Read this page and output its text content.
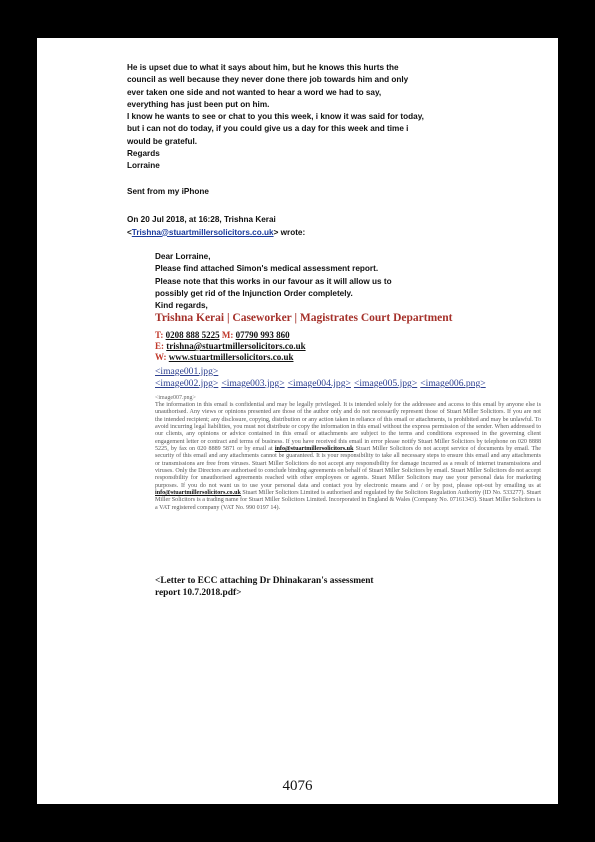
He is upset due to what it says about him, but he knows this hurts the
council as well because they never done there job towards him and only
ever taken one side and not wanted to hear a word we had to say,
everything has just been put on him.
I know he wants to see or chat to you this week, i know it was said for today,
but i can not do today, if you could give us a day for this week and time i
would be grateful.
Regards
Lorraine
Sent from my iPhone
On 20 Jul 2018, at 16:28, Trishna Kerai
<Trishna@stuartmillersolicitors.co.uk> wrote:
Dear Lorraine,
Please find attached Simon's medical assessment report.
Please note that this works in our favour as it will allow us to
possibly get rid of the Injunction Order completely.
Kind regards,
Trishna Kerai | Caseworker | Magistrates Court Department
T: 0208 888 5225 M: 07790 993 860
E: trishna@stuartmillersolicitors.co.uk
W: www.stuartmillersolicitors.co.uk
<image001.jpg>
<image002.jpg> <image003.jpg> <image004.jpg> <image005.jpg> <image006.png>
<image007.png>
The information in this email is confidential and may be legally privileged. It is intended solely for the addressee and access to this email by anyone else is unauthorised. Any views or opinions presented are those of the author only and do not necessarily represent those of Stuart Miller Solicitors. If you are not the intended recipient; any disclosure, copying, distribution or any action taken in reliance of this email or attachments, is prohibited and may be unlawful. To avoid incurring legal liabilities, you must not distribute or copy the information in this email without the express permission of the sender. When addressed to our clients, any opinions or advice contained in this email or attachments are subject to the terms and conditions expressed in the governing client engagement letter or contract and terms of business. If you have received this email in error please notify Stuart Miller Solicitors by telephone on 020 8888 5225, by fax on 020 8889 5871 or by email at info@stuartmillersolicitors.uk Stuart Miller Solicitors do not accept service of documents by email. The security of this email and any attachments cannot be guaranteed. It is your responsibility to take all necessary steps to ensure this email and any attachments or transmissions are free from viruses. Stuart Miller Solicitors do not accept any responsibility for damage incurred as a result of internet transmissions and viruses. Only the Directors are authorised to conclude binding agreements on behalf of Stuart Miller Solicitors by email. Stuart Miller Solicitors do not accept responsibility for unauthorised agreements reached with other employees or agents. Stuart Miller Solicitors may use your personal data for marketing purposes. If you do not want us to use your personal data and contact you by electronic means and / or by post, please opt-out by emailing us at info@stuartmillersolicitors.co.uk Stuart Miller Solicitors Limited is authorised and regulated by the Solicitors Regulation Authority (ID No. 533277). Stuart Miller Solicitors is a trading name for Stuart Miller Solicitors Limited. Incorporated in England & Wales (Company No. 07161343). Stuart Miller Solicitors is a VAT registered company (VAT No. 990 0197 14).
<Letter to ECC attaching Dr Dhinakaran's assessment
report 10.7.2018.pdf>
4076
